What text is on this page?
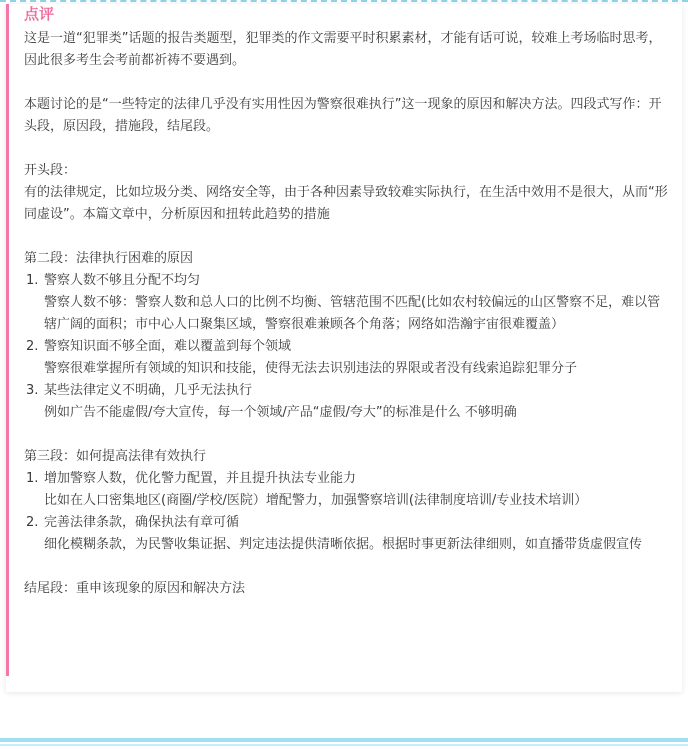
点评

这是一道“犯罪类”话题的报告类题型，犯罪类的作文需要平时积累素材，才能有话可说，较难上考场临时思考，因此很多考生会考前都祈祷不要遇到。

本题讨论的是“一些特定的法律几乎没有实用性因为警察很难执行”这一现象的原因和解决方法。四段式写作：开头段，原因段，措施段，结尾段。

开头段：

有的法律规定，比如垃圾分类、网络安全等，由于各种因素导致较难实际执行，在生活中效用不是很大，从而“形同虚设”。本篇文章中，分析原因和扭转此趋势的措施

第二段：法律执行困难的原因

1. 警察人数不够且分配不均匀

警察人数不够：警察人数和总人口的比例不均衡、管辖范围不匹配(比如农村较偏远的山区警察不足，难以管辖广阔的面积；市中心人口聚集区域，警察很难兼顾各个角落；网络如浩瀚宇宙很难覆盖）

2. 警察知识面不够全面，难以覆盖到每个领域

警察很难掌握所有领域的知识和技能，使得无法去识别违法的界限或者没有线索追踪犯罪分子

3. 某些法律定义不明确，几乎无法执行

例如广告不能虚假/夸大宣传，每一个领域/产品“虚假/夸大”的标准是什么 不够明确

第三段：如何提高法律有效执行

1. 增加警察人数，优化警力配置，并且提升执法专业能力

比如在人口密集地区(商圈/学校/医院）增配警力，加强警察培训(法律制度培训/专业技术培训）

2. 完善法律条款，确保执法有章可循

细化模糊条款，为民警收集证据、判定违法提供清晰依据。根据时事更新法律细则，如直播带货虚假宣传

结尾段：重申该现象的原因和解决方法
